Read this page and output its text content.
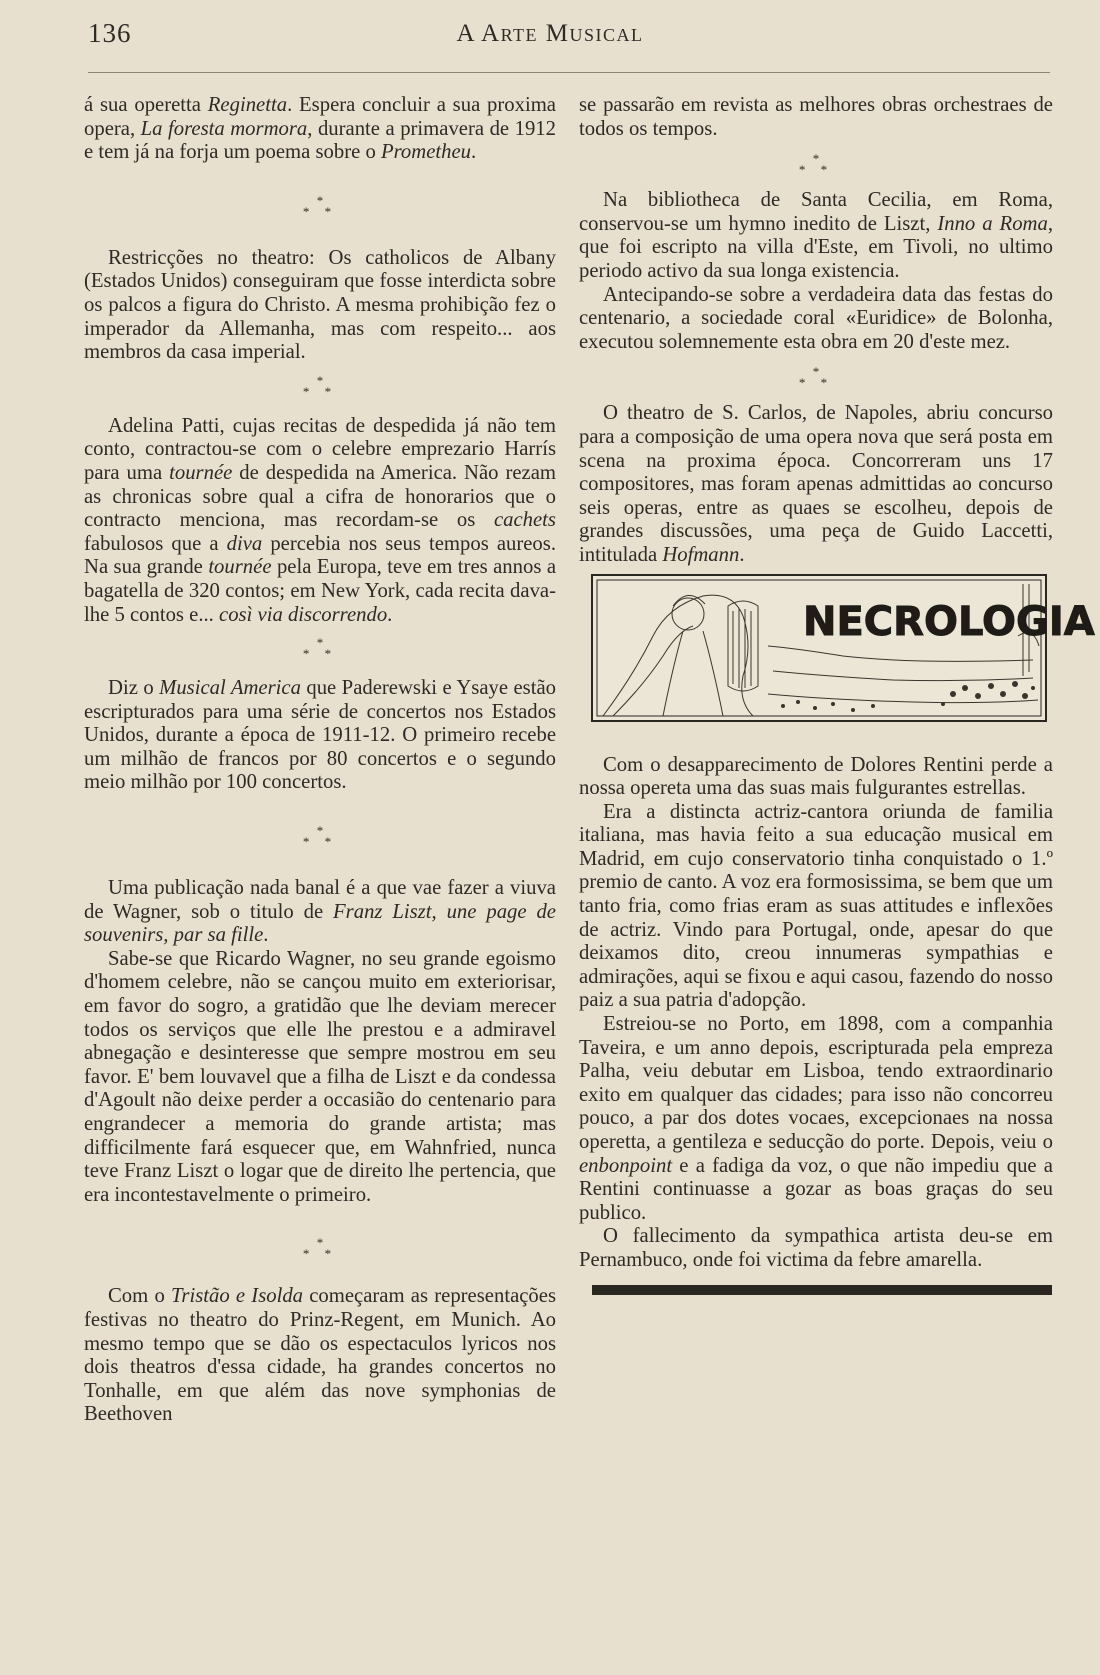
136	A Arte Musical

á sua operetta Reginetta. Espera concluir a sua proxima opera, La foresta mormora, durante a primavera de 1912 e tem já na forja um poema sobre o Prometheu.

*
* *

Restricções no theatro: Os catholicos de Albany (Estados Unidos) conseguiram que fosse interdicta sobre os palcos a figura do Christo. A mesma prohibição fez o imperador da Allemanha, mas com respeito... aos membros da casa imperial.

*
* *

Adelina Patti, cujas recitas de despedida já não tem conto, contractou-se com o celebre emprezario Harrís para uma tournée de despedida na America. Não rezam as chronicas sobre qual a cifra de honorarios que o contracto menciona, mas recordam-se os cachets fabulosos que a diva percebia nos seus tempos aureos. Na sua grande tournée pela Europa, teve em tres annos a bagatella de 320 contos; em New York, cada recita dava-lhe 5 contos e... così via discorrendo.

*
* *

Diz o Musical America que Paderewski e Ysaye estão escripturados para uma série de concertos nos Estados Unidos, durante a época de 1911-12. O primeiro recebe um milhão de francos por 80 concertos e o segundo meio milhão por 100 concertos.

*
* *

Uma publicação nada banal é a que vae fazer a viuva de Wagner, sob o titulo de Franz Liszt, une page de souvenirs, par sa fille.

Sabe-se que Ricardo Wagner, no seu grande egoismo d'homem celebre, não se cançou muito em exteriorisar, em favor do sogro, a gratidão que lhe deviam merecer todos os serviços que elle lhe prestou e a admiravel abnegação e desinteresse que sempre mostrou em seu favor. E' bem louvavel que a filha de Liszt e da condessa d'Agoult não deixe perder a occasião do centenario para engrandecer a memoria do grande artista; mas difficilmente fará esquecer que, em Wahnfried, nunca teve Franz Liszt o logar que de direito lhe pertencia, que era incontestavelmente o primeiro.

*
* *

Com o Tristão e Isolda começaram as representações festivas no theatro do Prinz-Regent, em Munich. Ao mesmo tempo que se dão os espectaculos lyricos nos dois theatros d'essa cidade, ha grandes concertos no Tonhalle, em que além das nove symphonias de Beethoven

se passarão em revista as melhores obras orchestraes de todos os tempos.

*
* *

Na bibliotheca de Santa Cecilia, em Roma, conservou-se um hymno inedito de Liszt, Inno a Roma, que foi escripto na villa d'Este, em Tivoli, no ultimo periodo activo da sua longa existencia.

Antecipando-se sobre a verdadeira data das festas do centenario, a sociedade coral «Euridice» de Bolonha, executou solemnemente esta obra em 20 d'este mez.

*
* *

O theatro de S. Carlos, de Napoles, abriu concurso para a composição de uma opera nova que será posta em scena na proxima época. Concorreram uns 17 compositores, mas foram apenas admittidas ao concurso seis operas, entre as quaes se escolheu, depois de grandes discussões, uma peça de Guido Laccetti, intitulada Hofmann.

NECROLOGIA

Com o desapparecimento de Dolores Rentini perde a nossa opereta uma das suas mais fulgurantes estrellas.

Era a distincta actriz-cantora oriunda de familia italiana, mas havia feito a sua educação musical em Madrid, em cujo conservatorio tinha conquistado o 1.º premio de canto. A voz era formosissima, se bem que um tanto fria, como frias eram as suas attitudes e inflexões de actriz. Vindo para Portugal, onde, apesar do que deixamos dito, creou innumeras sympathias e admirações, aqui se fixou e aqui casou, fazendo do nosso paiz a sua patria d'adopção.

Estreiou-se no Porto, em 1898, com a companhia Taveira, e um anno depois, escripturada pela empreza Palha, veiu debutar em Lisboa, tendo extraordinario exito em qualquer das cidades; para isso não concorreu pouco, a par dos dotes vocaes, excepcionaes na nossa operetta, a gentileza e seducção do porte. Depois, veiu o enbonpoint e a fadiga da voz, o que não impediu que a Rentini continuasse a gozar as boas graças do seu publico.

O fallecimento da sympathica artista deu-se em Pernambuco, onde foi victima da febre amarella.
